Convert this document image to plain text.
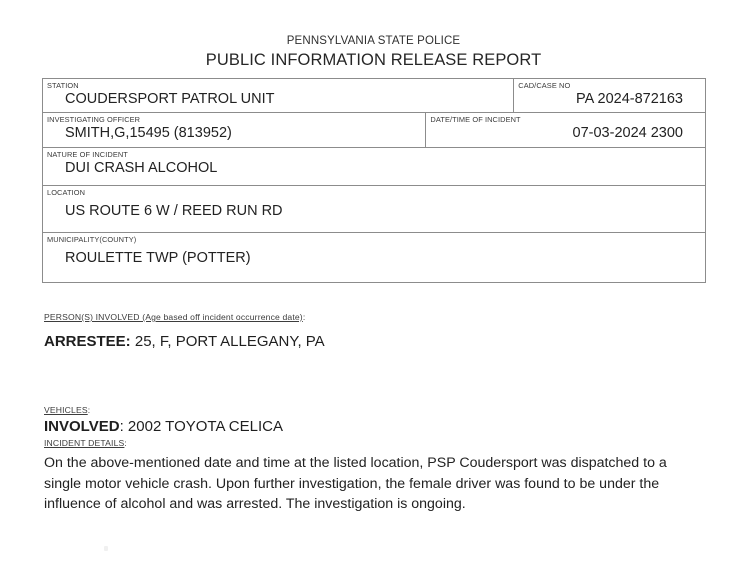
PENNSYLVANIA STATE POLICE
PUBLIC INFORMATION RELEASE REPORT
STATION
COUDERSPORT PATROL UNIT
CAD/CASE NO
PA 2024-872163
INVESTIGATING OFFICER
SMITH,G,15495 (813952)
DATE/TIME OF INCIDENT
07-03-2024 2300
NATURE OF INCIDENT
DUI CRASH ALCOHOL
LOCATION
US ROUTE 6 W / REED RUN RD
MUNICIPALITY(COUNTY)
ROULETTE TWP (POTTER)
PERSON(S) INVOLVED (Age based off incident occurrence date):
ARRESTEE: 25, F, PORT ALLEGANY, PA
VEHICLES:
INVOLVED: 2002 TOYOTA CELICA
INCIDENT DETAILS:
On the above-mentioned date and time at the listed location, PSP Coudersport was dispatched to a single motor vehicle crash. Upon further investigation, the female driver was found to be under the influence of alcohol and was arrested. The investigation is ongoing.
